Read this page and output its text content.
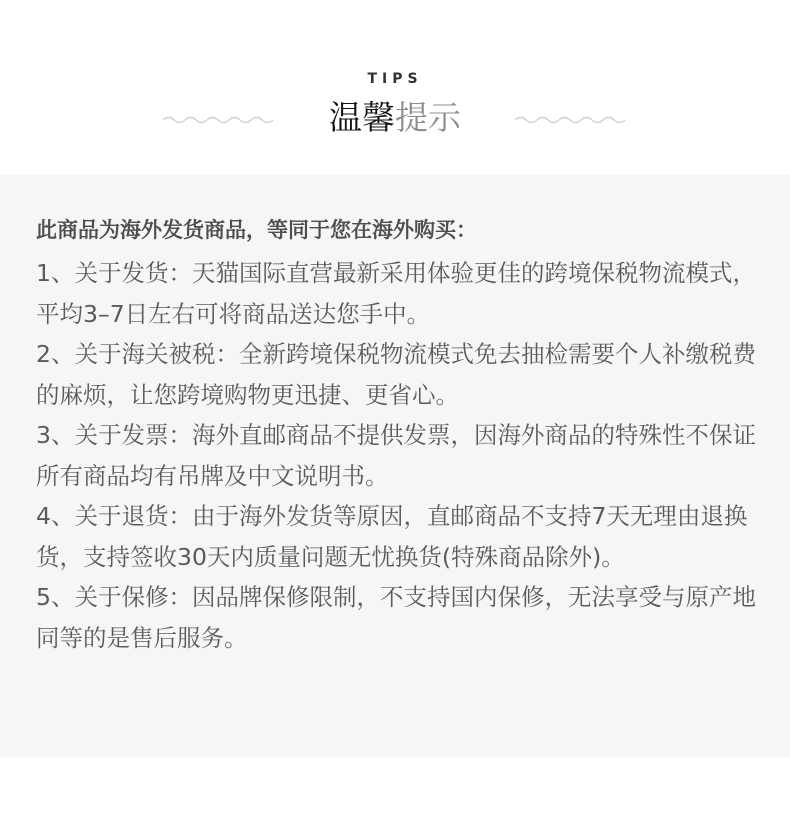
TIPS
温馨提示

此商品为海外发货商品，等同于您在海外购买：

1、关于发货：天猫国际直营最新采用体验更佳的跨境保税物流模式，平均3–7日左右可将商品送达您手中。
2、关于海关被税：全新跨境保税物流模式免去抽检需要个人补缴税费的麻烦，让您跨境购物更迅捷、更省心。
3、关于发票：海外直邮商品不提供发票，因海外商品的特殊性不保证所有商品均有吊牌及中文说明书。
4、关于退货：由于海外发货等原因，直邮商品不支持7天无理由退换货，支持签收30天内质量问题无忧换货(特殊商品除外)。
5、关于保修：因品牌保修限制，不支持国内保修，无法享受与原产地同等的是售后服务。
